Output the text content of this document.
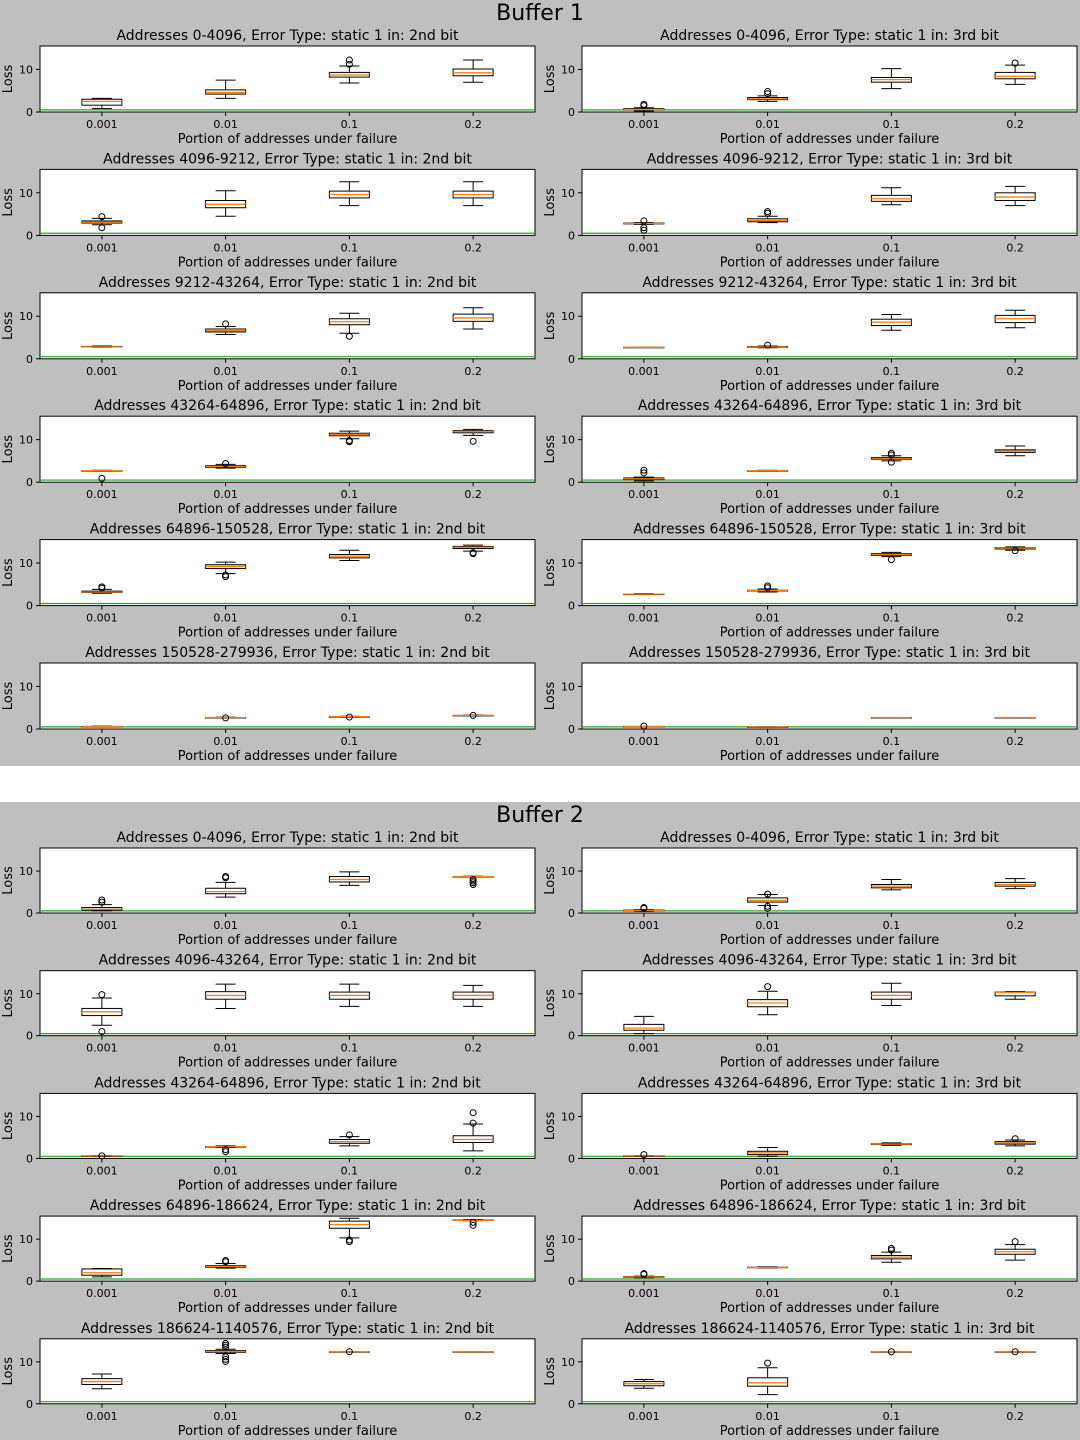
Buffer 1
Addresses 0-4096, Error Type: static 1 in: 2nd bit
0
10
Loss
0.001	0.01	0.1	0.2
Portion of addresses under failure
Addresses 0-4096, Error Type: static 1 in: 3rd bit
0
10
Loss
0.001	0.01	0.1	0.2
Portion of addresses under failure
Addresses 4096-9212, Error Type: static 1 in: 2nd bit
0
10
Loss
0.001	0.01	0.1	0.2
Portion of addresses under failure
Addresses 4096-9212, Error Type: static 1 in: 3rd bit
0
10
Loss
0.001	0.01	0.1	0.2
Portion of addresses under failure
Addresses 9212-43264, Error Type: static 1 in: 2nd bit
0
10
Loss
0.001	0.01	0.1	0.2
Portion of addresses under failure
Addresses 9212-43264, Error Type: static 1 in: 3rd bit
0
10
Loss
0.001	0.01	0.1	0.2
Portion of addresses under failure
Addresses 43264-64896, Error Type: static 1 in: 2nd bit
0
10
Loss
0.001	0.01	0.1	0.2
Portion of addresses under failure
Addresses 43264-64896, Error Type: static 1 in: 3rd bit
0
10
Loss
0.001	0.01	0.1	0.2
Portion of addresses under failure
Addresses 64896-150528, Error Type: static 1 in: 2nd bit
0
10
Loss
0.001	0.01	0.1	0.2
Portion of addresses under failure
Addresses 64896-150528, Error Type: static 1 in: 3rd bit
0
10
Loss
0.001	0.01	0.1	0.2
Portion of addresses under failure
Addresses 150528-279936, Error Type: static 1 in: 2nd bit
0
10
Loss
0.001	0.01	0.1	0.2
Portion of addresses under failure
Addresses 150528-279936, Error Type: static 1 in: 3rd bit
0
10
Loss
0.001	0.01	0.1	0.2
Portion of addresses under failure
Buffer 2
Addresses 0-4096, Error Type: static 1 in: 2nd bit
0
10
Loss
0.001	0.01	0.1	0.2
Portion of addresses under failure
Addresses 0-4096, Error Type: static 1 in: 3rd bit
0
10
Loss
0.001	0.01	0.1	0.2
Portion of addresses under failure
Addresses 4096-43264, Error Type: static 1 in: 2nd bit
0
10
Loss
0.001	0.01	0.1	0.2
Portion of addresses under failure
Addresses 4096-43264, Error Type: static 1 in: 3rd bit
0
10
Loss
0.001	0.01	0.1	0.2
Portion of addresses under failure
Addresses 43264-64896, Error Type: static 1 in: 2nd bit
0
10
Loss
0.001	0.01	0.1	0.2
Portion of addresses under failure
Addresses 43264-64896, Error Type: static 1 in: 3rd bit
0
10
Loss
0.001	0.01	0.1	0.2
Portion of addresses under failure
Addresses 64896-186624, Error Type: static 1 in: 2nd bit
0
10
Loss
0.001	0.01	0.1	0.2
Portion of addresses under failure
Addresses 64896-186624, Error Type: static 1 in: 3rd bit
0
10
Loss
0.001	0.01	0.1	0.2
Portion of addresses under failure
Addresses 186624-1140576, Error Type: static 1 in: 2nd bit
0
10
Loss
0.001	0.01	0.1	0.2
Portion of addresses under failure
Addresses 186624-1140576, Error Type: static 1 in: 3rd bit
0
10
Loss
0.001	0.01	0.1	0.2
Portion of addresses under failure
